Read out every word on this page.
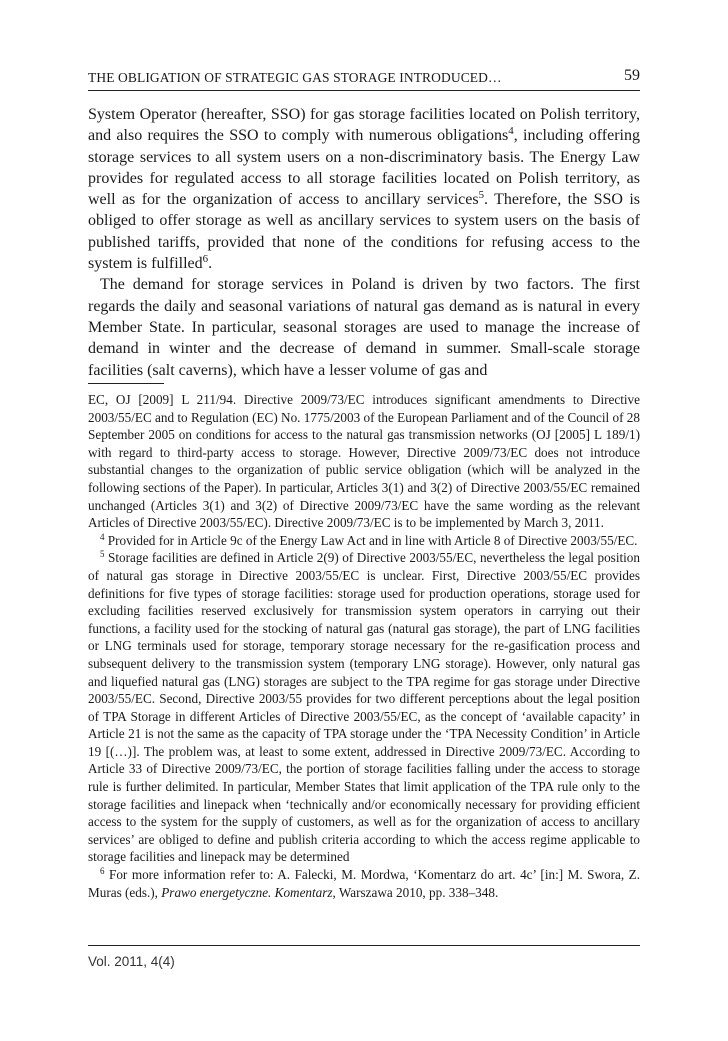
THE OBLIGATION OF STRATEGIC GAS STORAGE INTRODUCED…	59

System Operator (hereafter, SSO) for gas storage facilities located on Polish territory, and also requires the SSO to comply with numerous obligations$^4$, including offering storage services to all system users on a non-discriminatory basis. The Energy Law provides for regulated access to all storage facilities located on Polish territory, as well as for the organization of access to ancillary services$^5$. Therefore, the SSO is obliged to offer storage as well as ancillary services to system users on the basis of published tariffs, provided that none of the conditions for refusing access to the system is fulfilled$^6$.

The demand for storage services in Poland is driven by two factors. The first regards the daily and seasonal variations of natural gas demand as is natural in every Member State. In particular, seasonal storages are used to manage the increase of demand in winter and the decrease of demand in summer. Small-scale storage facilities (salt caverns), which have a lesser volume of gas and

EC, OJ [2009] L 211/94. Directive 2009/73/EC introduces significant amendments to Directive 2003/55/EC and to Regulation (EC) No. 1775/2003 of the European Parliament and of the Council of 28 September 2005 on conditions for access to the natural gas transmission networks (OJ [2005] L 189/1) with regard to third-party access to storage. However, Directive 2009/73/EC does not introduce substantial changes to the organization of public service obligation (which will be analyzed in the following sections of the Paper). In particular, Articles 3(1) and 3(2) of Directive 2003/55/EC remained unchanged (Articles 3(1) and 3(2) of Directive 2009/73/EC have the same wording as the relevant Articles of Directive 2003/55/EC). Directive 2009/73/EC is to be implemented by March 3, 2011.

$^4$ Provided for in Article 9c of the Energy Law Act and in line with Article 8 of Directive 2003/55/EC.

$^5$ Storage facilities are defined in Article 2(9) of Directive 2003/55/EC, nevertheless the legal position of natural gas storage in Directive 2003/55/EC is unclear. First, Directive 2003/55/EC provides definitions for five types of storage facilities: storage used for production operations, storage used for excluding facilities reserved exclusively for transmission system operators in carrying out their functions, a facility used for the stocking of natural gas (natural gas storage), the part of LNG facilities or LNG terminals used for storage, temporary storage necessary for the re-gasification process and subsequent delivery to the transmission system (temporary LNG storage). However, only natural gas and liquefied natural gas (LNG) storages are subject to the TPA regime for gas storage under Directive 2003/55/EC. Second, Directive 2003/55 provides for two different perceptions about the legal position of TPA Storage in different Articles of Directive 2003/55/EC, as the concept of ‘available capacity’ in Article 21 is not the same as the capacity of TPA storage under the ‘TPA Necessity Condition’ in Article 19 [(…)]. The problem was, at least to some extent, addressed in Directive 2009/73/EC. According to Article 33 of Directive 2009/73/EC, the portion of storage facilities falling under the access to storage rule is further delimited. In particular, Member States that limit application of the TPA rule only to the storage facilities and linepack when ‘technically and/or economically necessary for providing efficient access to the system for the supply of customers, as well as for the organization of access to ancillary services’ are obliged to define and publish criteria according to which the access regime applicable to storage facilities and linepack may be determined

$^6$ For more information refer to: A. Falecki, M. Mordwa, ‘Komentarz do art. 4c’ [in:] M. Swora, Z. Muras (eds.), Prawo energetyczne. Komentarz, Warszawa 2010, pp. 338–348.

Vol. 2011, 4(4)
